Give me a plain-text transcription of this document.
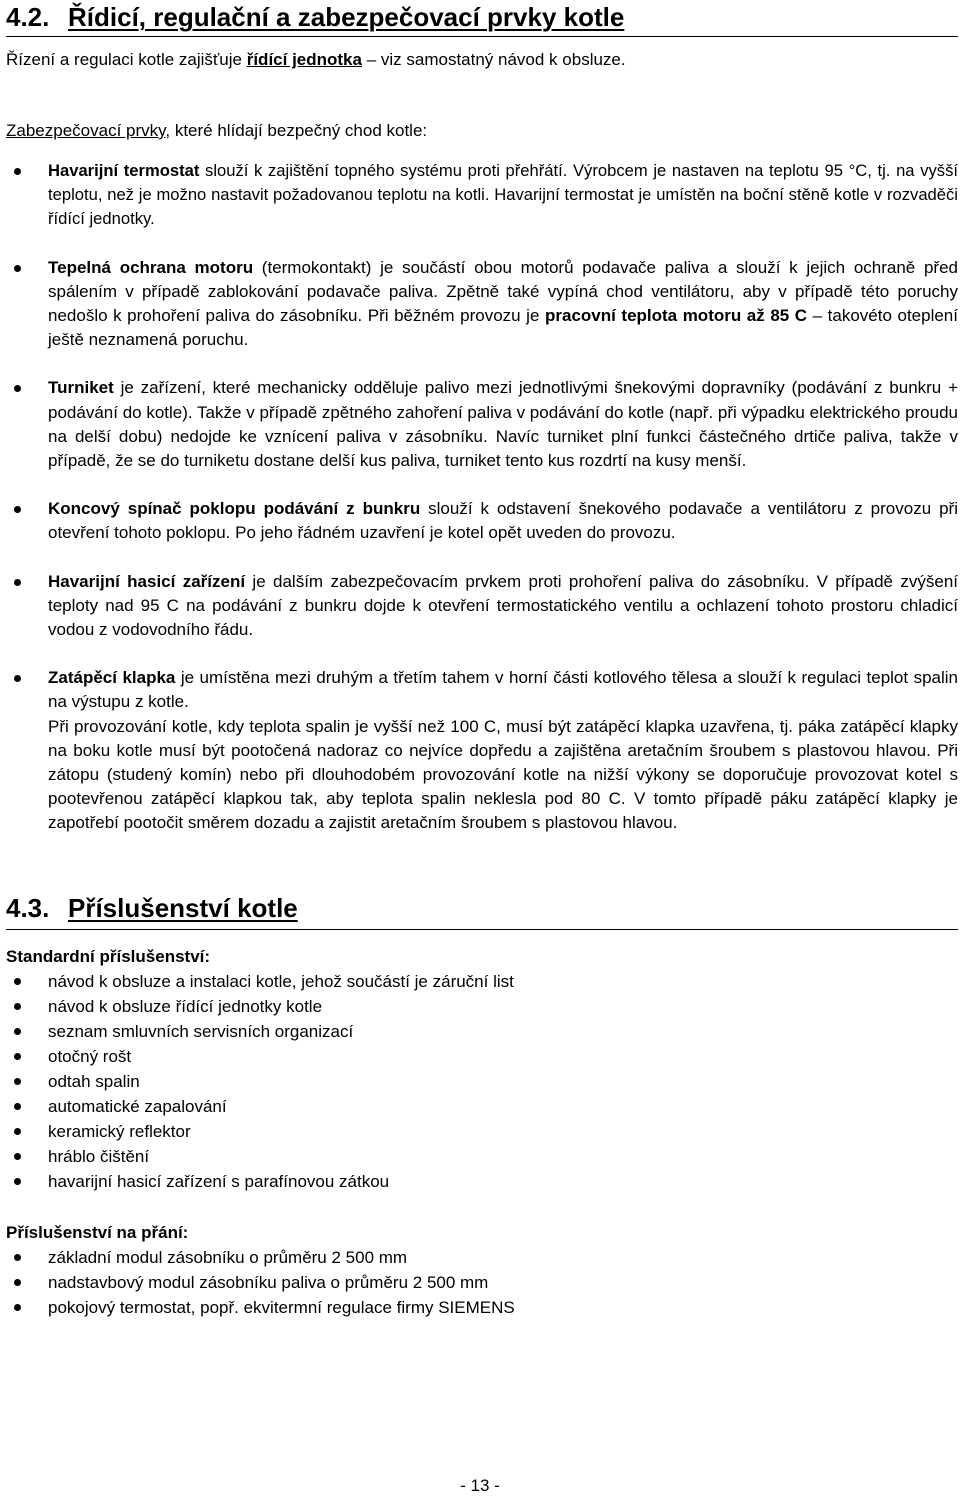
4.2. Řídicí, regulační a zabezpečovací prvky kotle

Řízení a regulaci kotle zajišťuje řídící jednotka – viz samostatný návod k obsluze.

Zabezpečovací prvky, které hlídají bezpečný chod kotle:

Havarijní termostat slouží k zajištění topného systému proti přehřátí. Výrobcem je nastaven na teplotu 95 °C, tj. na vyšší teplotu, než je možno nastavit požadovanou teplotu na kotli. Havarijní termostat je umístěn na boční stěně kotle v rozvaděči řídící jednotky.
Tepelná ochrana motoru (termokontakt) je součástí obou motorů podavače paliva a slouží k jejich ochraně před spálením v případě zablokování podavače paliva. Zpětně také vypíná chod ventilátoru, aby v případě této poruchy nedošlo k prohoření paliva do zásobníku. Při běžném provozu je pracovní teplota motoru až 85 C – takovéto oteplení ještě neznamená poruchu.
Turniket je zařízení, které mechanicky odděluje palivo mezi jednotlivými šnekovými dopravníky (podávání z bunkru + podávání do kotle). Takže v případě zpětného zahoření paliva v podávání do kotle (např. při výpadku elektrického proudu na delší dobu) nedojde ke vznícení paliva v zásobníku. Navíc turniket plní funkci částečného drtiče paliva, takže v případě, že se do turniketu dostane delší kus paliva, turniket tento kus rozdrtí na kusy menší.
Koncový spínač poklopu podávání z bunkru slouží k odstavení šnekového podavače a ventilátoru z provozu při otevření tohoto poklopu. Po jeho řádném uzavření je kotel opět uveden do provozu.
Havarijní hasicí zařízení je dalším zabezpečovacím prvkem proti prohoření paliva do zásobníku. V případě zvýšení teploty nad 95 C na podávání z bunkru dojde k otevření termostatického ventilu a ochlazení tohoto prostoru chladicí vodou z vodovodního řádu.
Zatápěcí klapka je umístěna mezi druhým a třetím tahem v horní části kotlového tělesa a slouží k regulaci teplot spalin na výstupu z kotle.
Při provozování kotle, kdy teplota spalin je vyšší než 100 C, musí být zatápěcí klapka uzavřena, tj. páka zatápěcí klapky na boku kotle musí být pootočená nadoraz co nejvíce dopředu a zajištěna aretačním šroubem s plastovou hlavou. Při zátopu (studený komín) nebo při dlouhodobém provozování kotle na nižší výkony se doporučuje provozovat kotel s pootevřenou zatápěcí klapkou tak, aby teplota spalin neklesla pod 80 C. V tomto případě páku zatápěcí klapky je zapotřebí pootočit směrem dozadu a zajistit aretačním šroubem s plastovou hlavou.
4.3. Příslušenství kotle

Standardní příslušenství:

návod k obsluze a instalaci kotle, jehož součástí je záruční list
návod k obsluze řídící jednotky kotle
seznam smluvních servisních organizací
otočný rošt
odtah spalin
automatické zapalování
keramický reflektor
hráblo čištění
havarijní hasicí zařízení s parafínovou zátkou

Příslušenství na přání:

základní modul zásobníku o průměru 2 500 mm
nadstavbový modul zásobníku paliva o průměru 2 500 mm
pokojový termostat, popř. ekvitermní regulace firmy SIEMENS
- 13 -
